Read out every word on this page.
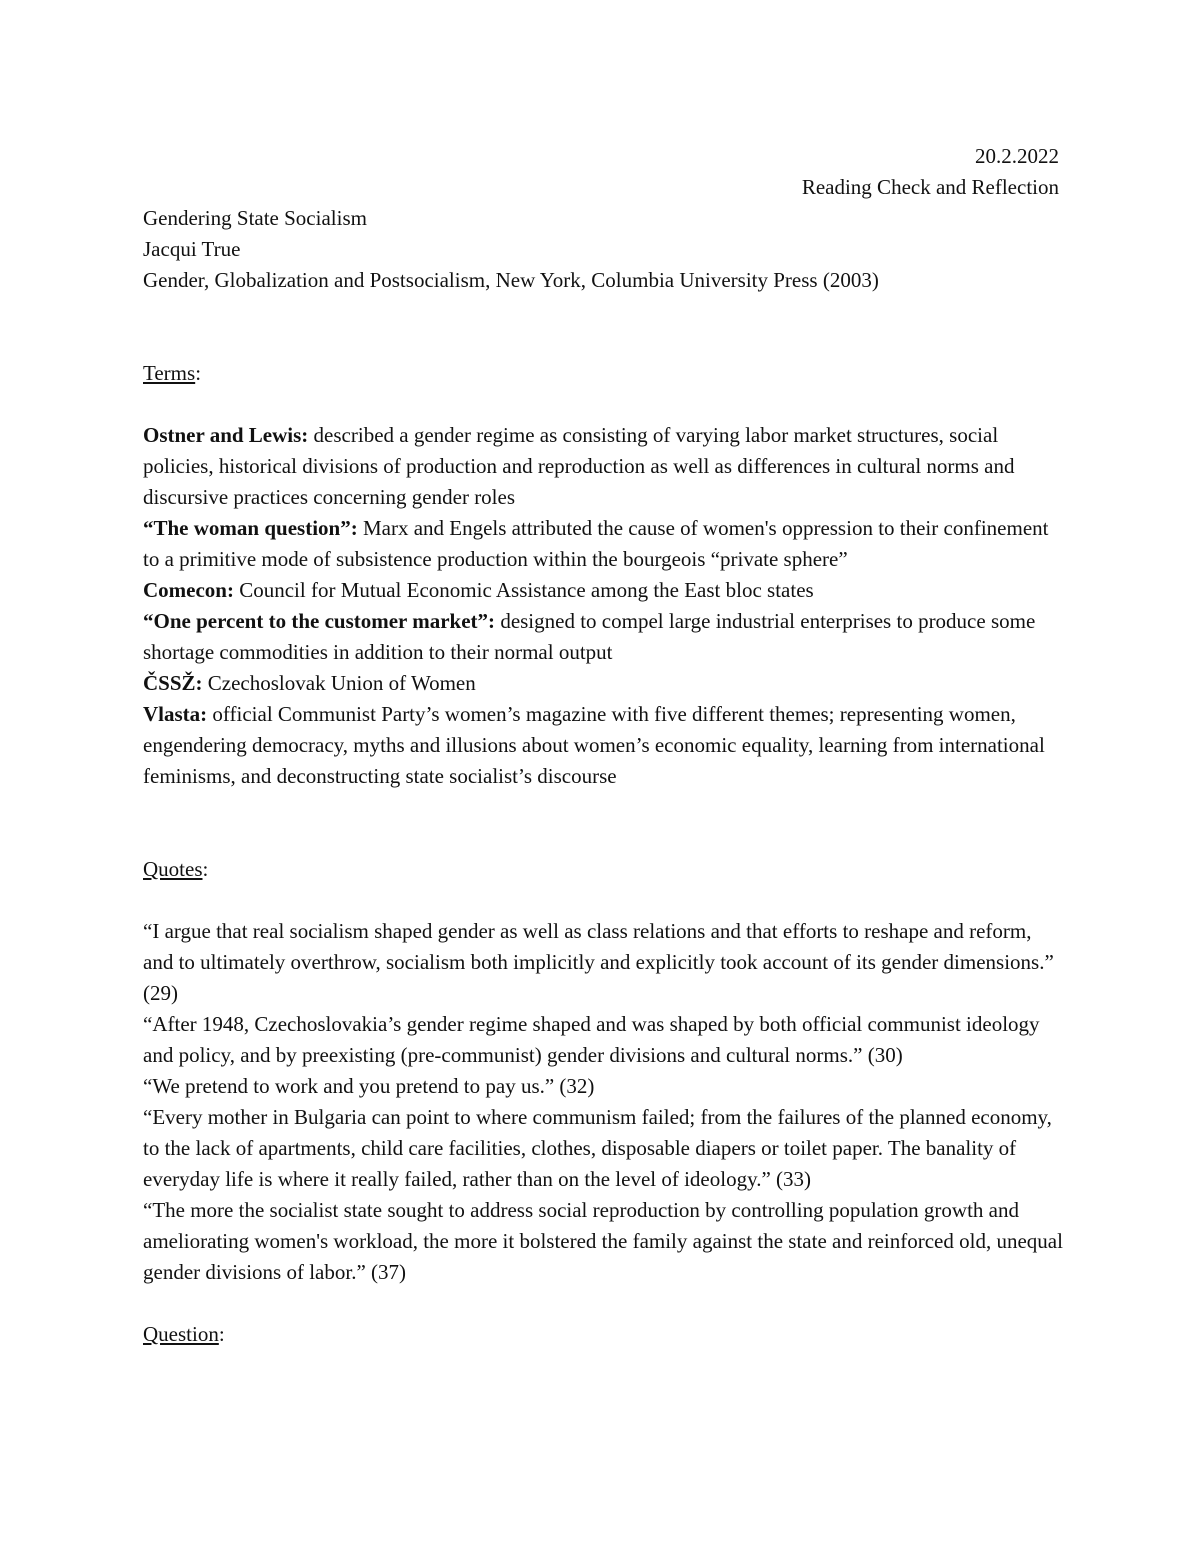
20.2.2022
Reading Check and Reflection
Gendering State Socialism
Jacqui True
Gender, Globalization and Postsocialism, New York, Columbia University Press (2003)
Terms:

Ostner and Lewis: described a gender regime as consisting of varying labor market structures, social policies, historical divisions of production and reproduction as well as differences in cultural norms and discursive practices concerning gender roles

“The woman question”: Marx and Engels attributed the cause of women's oppression to their confinement to a primitive mode of subsistence production within the bourgeois “private sphere”

Comecon: Council for Mutual Economic Assistance among the East bloc states

“One percent to the customer market”: designed to compel large industrial enterprises to produce some shortage commodities in addition to their normal output

ČSSŽ: Czechoslovak Union of Women

Vlasta: official Communist Party’s women’s magazine with five different themes; representing women, engendering democracy, myths and illusions about women’s economic equality, learning from international feminisms, and deconstructing state socialist’s discourse

Quotes:

“I argue that real socialism shaped gender as well as class relations and that efforts to reshape and reform, and to ultimately overthrow, socialism both implicitly and explicitly took account of its gender dimensions.” (29)

“After 1948, Czechoslovakia’s gender regime shaped and was shaped by both official communist ideology and policy, and by preexisting (pre-communist) gender divisions and cultural norms.” (30)

“We pretend to work and you pretend to pay us.” (32)

“Every mother in Bulgaria can point to where communism failed; from the failures of the planned economy, to the lack of apartments, child care facilities, clothes, disposable diapers or toilet paper. The banality of everyday life is where it really failed, rather than on the level of ideology.” (33)

“The more the socialist state sought to address social reproduction by controlling population growth and ameliorating women's workload, the more it bolstered the family against the state and reinforced old, unequal gender divisions of labor.” (37)

Question:
